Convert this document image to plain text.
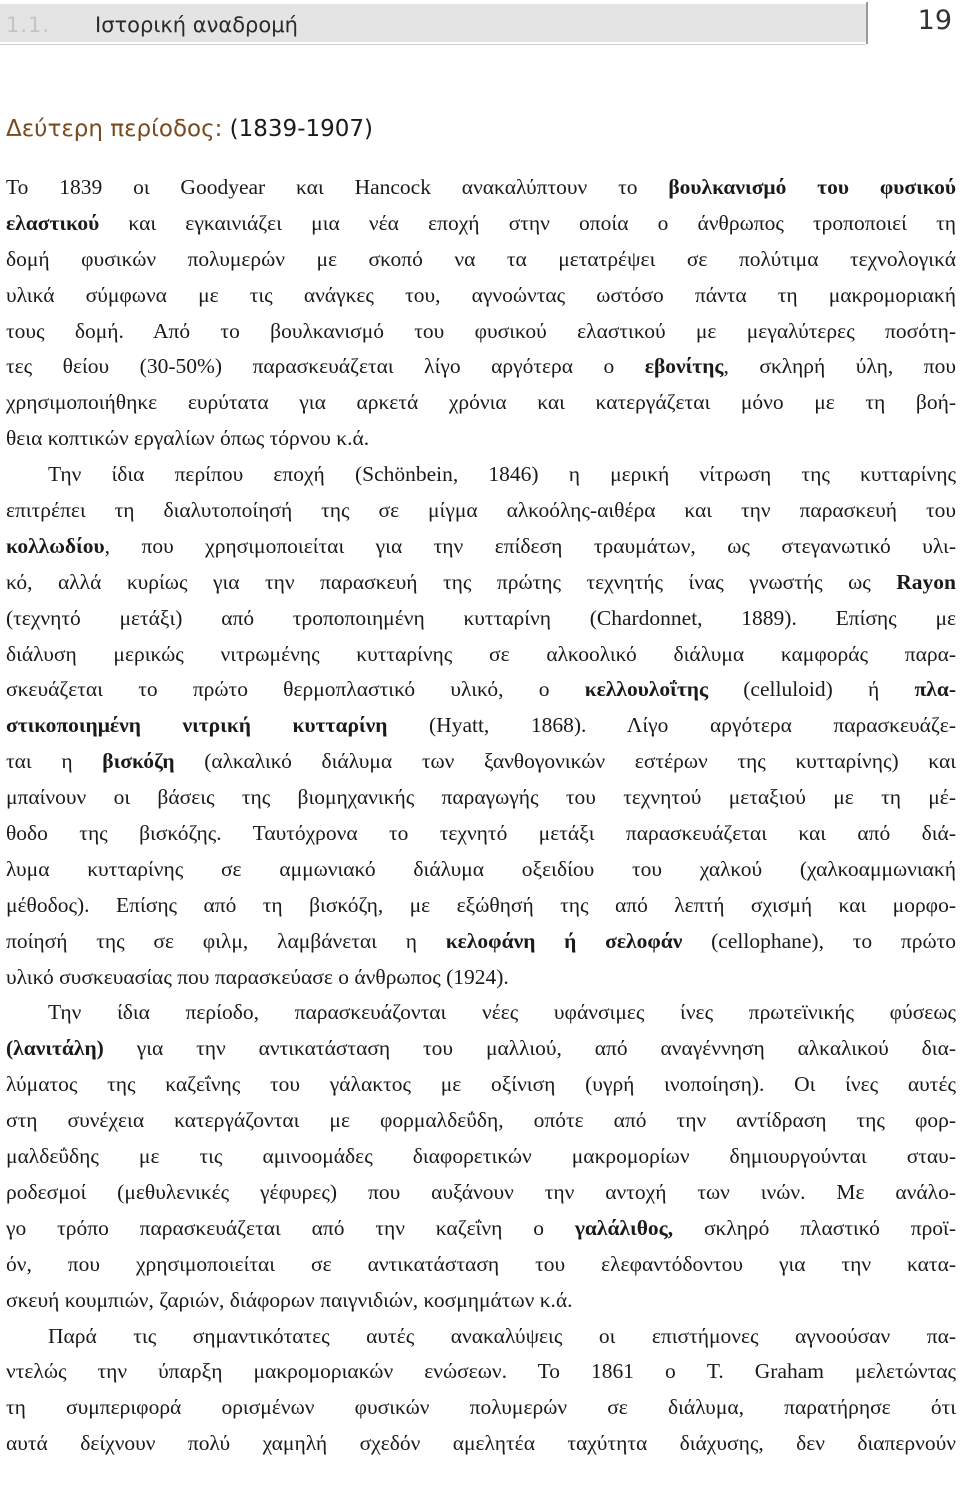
1.1. Ιστορική αναδρομή	19
Δεύτερη περίοδος: (1839-1907)
Το 1839 οι Goodyear και Hancock ανακαλύπτουν το βουλκανισμό του φυσικού
ελαστικού και εγκαινιάζει μια νέα εποχή στην οποία ο άνθρωπος τροποποιεί τη
δομή φυσικών πολυμερών με σκοπό να τα μετατρέψει σε πολύτιμα τεχνολογικά
υλικά σύμφωνα με τις ανάγκες του, αγνοώντας ωστόσο πάντα τη μακρομοριακή
τους δομή. Από το βουλκανισμό του φυσικού ελαστικού με μεγαλύτερες ποσότη-
τες θείου (30-50%) παρασκευάζεται λίγο αργότερα ο εβονίτης, σκληρή ύλη, που
χρησιμοποιήθηκε ευρύτατα για αρκετά χρόνια και κατεργάζεται μόνο με τη βοή-
θεια κοπτικών εργαλίων όπως τόρνου κ.ά.
Την ίδια περίπου εποχή (Schönbein, 1846) η μερική νίτρωση της κυτταρίνης
επιτρέπει τη διαλυτοποίησή της σε μίγμα αλκοόλης-αιθέρα και την παρασκευή του
κολλωδίου, που χρησιμοποιείται για την επίδεση τραυμάτων, ως στεγανωτικό υλι-
κό, αλλά κυρίως για την παρασκευή της πρώτης τεχνητής ίνας γνωστής ως Rayon
(τεχνητό μετάξι) από τροποποιημένη κυτταρίνη (Chardonnet, 1889). Επίσης με
διάλυση μερικώς νιτρωμένης κυτταρίνης σε αλκοολικό διάλυμα καμφοράς παρα-
σκευάζεται το πρώτο θερμοπλαστικό υλικό, ο κελλουλοΐτης (celluloid) ή πλα-
στικοποιημένη νιτρική κυτταρίνη (Hyatt, 1868). Λίγο αργότερα παρασκευάζε-
ται η βισκόζη (αλκαλικό διάλυμα των ξανθογονικών εστέρων της κυτταρίνης) και
μπαίνουν οι βάσεις της βιομηχανικής παραγωγής του τεχνητού μεταξιού με τη μέ-
θοδο της βισκόζης. Ταυτόχρονα το τεχνητό μετάξι παρασκευάζεται και από διά-
λυμα κυτταρίνης σε αμμωνιακό διάλυμα οξειδίου του χαλκού (χαλκοαμμωνιακή
μέθοδος). Επίσης από τη βισκόζη, με εξώθησή της από λεπτή σχισμή και μορφο-
ποίησή της σε φιλμ, λαμβάνεται η κελοφάνη ή σελοφάν (cellophane), το πρώτο
υλικό συσκευασίας που παρασκεύασε ο άνθρωπος (1924).
Την ίδια περίοδο, παρασκευάζονται νέες υφάνσιμες ίνες πρωτεϊνικής φύσεως
(λανιτάλη) για την αντικατάσταση του μαλλιού, από αναγέννηση αλκαλικού δια-
λύματος της καζεΐνης του γάλακτος με οξίνιση (υγρή ινοποίηση). Οι ίνες αυτές
στη συνέχεια κατεργάζονται με φορμαλδεΰδη, οπότε από την αντίδραση της φορ-
μαλδεΰδης με τις αμινοομάδες διαφορετικών μακρομορίων δημιουργούνται σταυ-
ροδεσμοί (μεθυλενικές γέφυρες) που αυξάνουν την αντοχή των ινών. Με ανάλο-
γο τρόπο παρασκευάζεται από την καζεΐνη ο γαλάλιθος, σκληρό πλαστικό προϊ-
όν, που χρησιμοποιείται σε αντικατάσταση του ελεφαντόδοντου για την κατα-
σκευή κουμπιών, ζαριών, διάφορων παιγνιδιών, κοσμημάτων κ.ά.
Παρά τις σημαντικότατες αυτές ανακαλύψεις οι επιστήμονες αγνοούσαν πα-
ντελώς την ύπαρξη μακρομοριακών ενώσεων. Το 1861 ο T. Graham μελετώντας
τη συμπεριφορά ορισμένων φυσικών πολυμερών σε διάλυμα, παρατήρησε ότι
αυτά δείχνουν πολύ χαμηλή σχεδόν αμελητέα ταχύτητα διάχυσης, δεν διαπερνούν
